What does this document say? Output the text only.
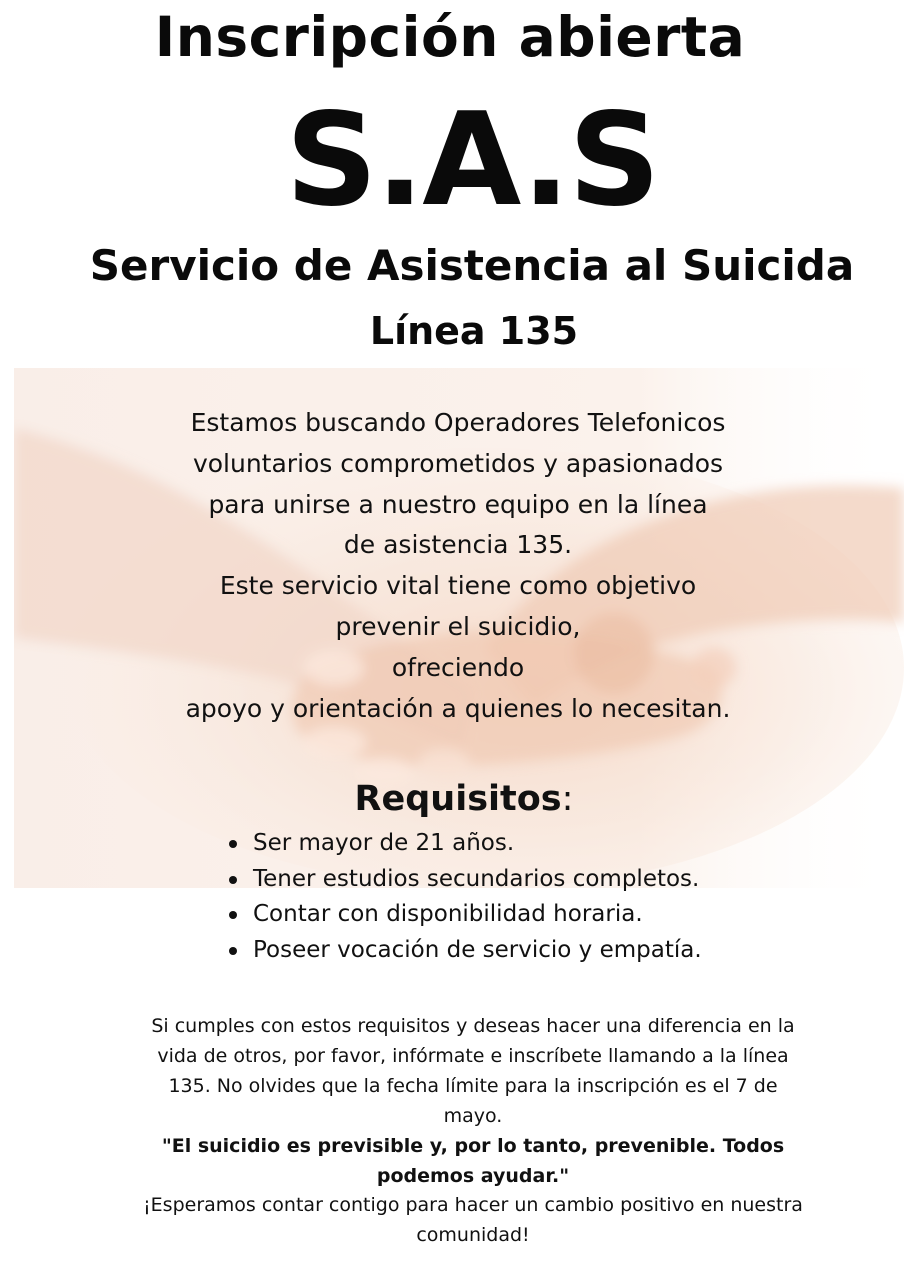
Inscripción abierta
S.A.S
Servicio de Asistencia al Suicida
Línea 135
Estamos buscando Operadores Telefonicos
voluntarios comprometidos y apasionados
para unirse a nuestro equipo en la línea
de asistencia 135.
Este servicio vital tiene como objetivo
prevenir el suicidio,
ofreciendo
apoyo y orientación a quienes lo necesitan.
Requisitos:
Ser mayor de 21 años.
Tener estudios secundarios completos.
Contar con disponibilidad horaria.
Poseer vocación de servicio y empatía.
Si cumples con estos requisitos y deseas hacer una diferencia en la
vida de otros, por favor, infórmate e inscríbete llamando a la línea
135. No olvides que la fecha límite para la inscripción es el 7 de
mayo.
"El suicidio es previsible y, por lo tanto, prevenible. Todos
podemos ayudar."
¡Esperamos contar contigo para hacer un cambio positivo en nuestra
comunidad!
